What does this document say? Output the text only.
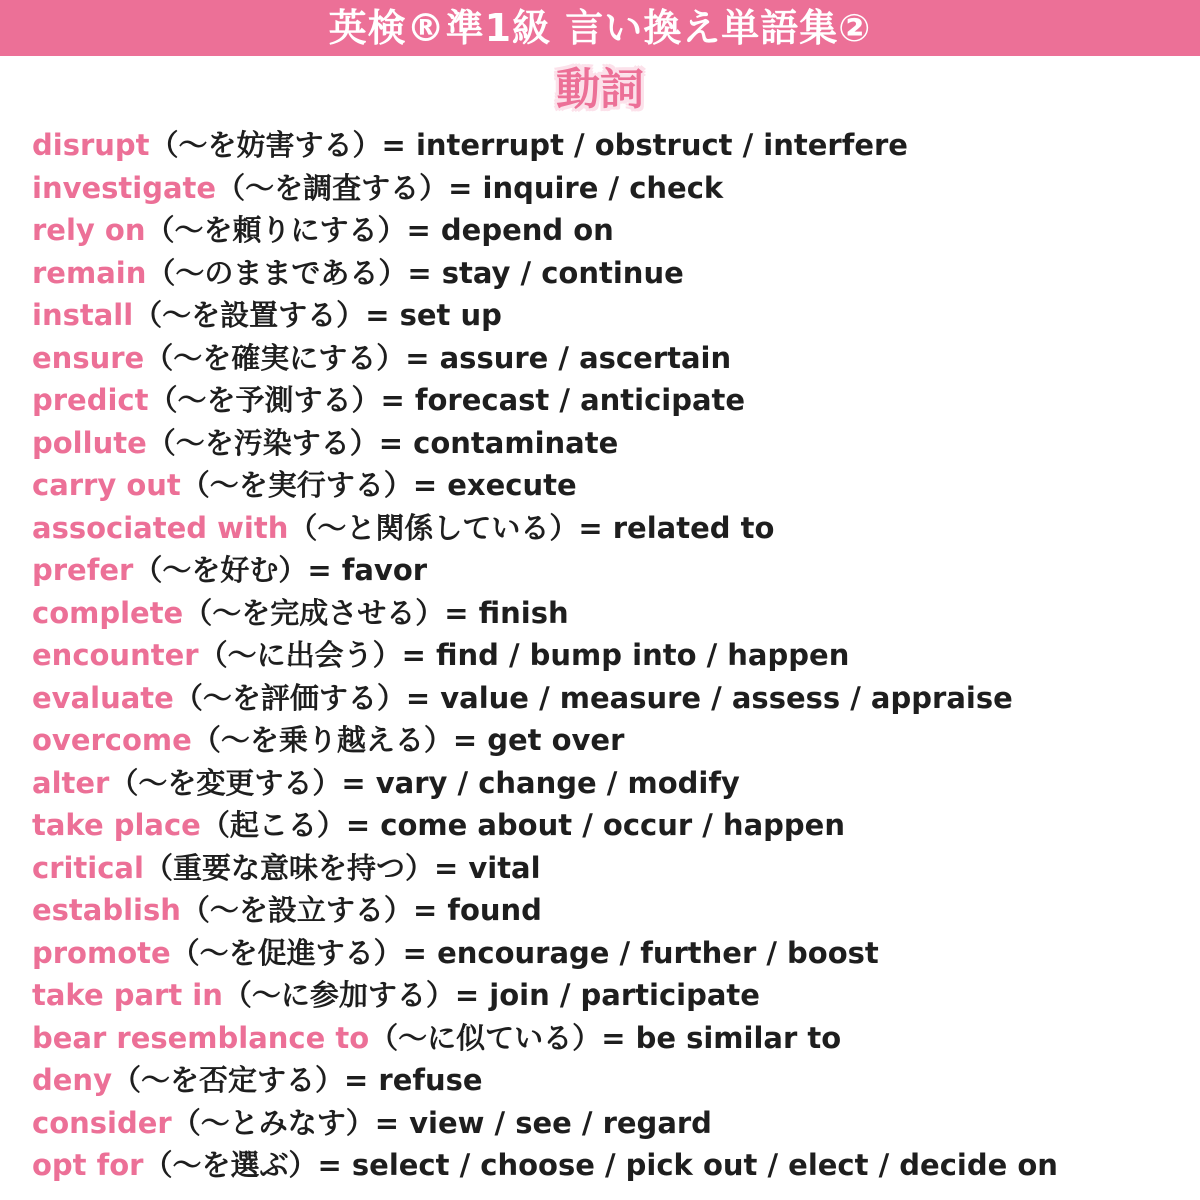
英検®準1級 言い換え単語集②
動詞
disrupt（〜を妨害する）= interrupt / obstruct / interfere
investigate（〜を調査する）= inquire / check
rely on（〜を頼りにする）= depend on
remain（〜のままである）= stay / continue
install（〜を設置する）= set up
ensure（〜を確実にする）= assure / ascertain
predict（〜を予測する）= forecast / anticipate
pollute（〜を汚染する）= contaminate
carry out（〜を実行する）= execute
associated with（〜と関係している）= related to
prefer（〜を好む）= favor
complete（〜を完成させる）= finish
encounter（〜に出会う）= find / bump into / happen
evaluate（〜を評価する）= value / measure / assess / appraise
overcome（〜を乗り越える）= get over
alter（〜を変更する）= vary / change / modify
take place（起こる）= come about / occur / happen
critical（重要な意味を持つ）= vital
establish（〜を設立する）= found
promote（〜を促進する）= encourage / further / boost
take part in（〜に参加する）= join / participate
bear resemblance to（〜に似ている）= be similar to
deny（〜を否定する）= refuse
consider（〜とみなす）= view / see / regard
opt for（〜を選ぶ）= select / choose / pick out / elect / decide on
